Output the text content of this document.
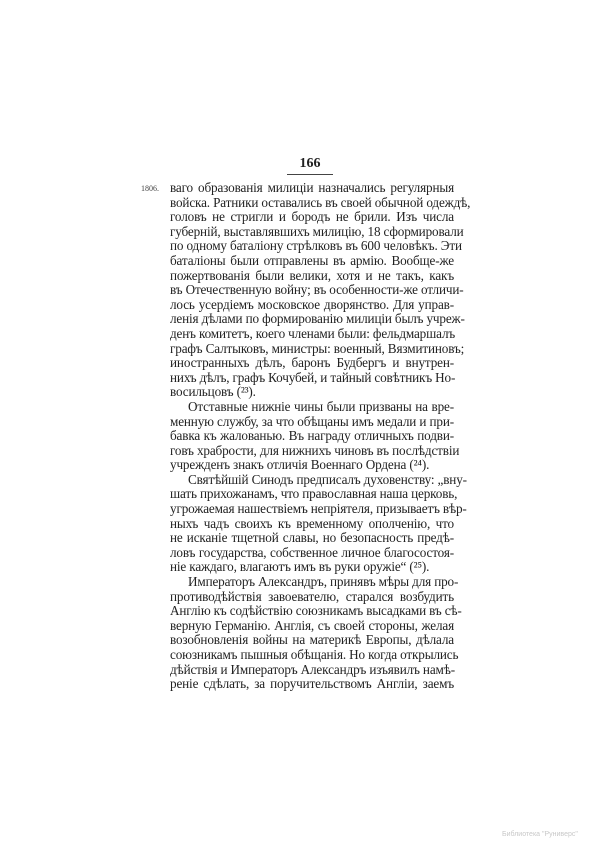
166
1806. ваго образованія милиціи назначались регулярныя
войска. Ратники оставались въ своей обычной одеждѣ,
головъ не стригли и бородъ не брили. Изъ числа
губерній, выставлявшихъ милицію, 18 сформировали
по одному баталіону стрѣлковъ въ 600 человѣкъ. Эти
баталіоны были отправлены въ армію. Вообще-же
пожертвованія были велики, хотя и не такъ, какъ
въ Отечественную войну; въ особенности-же отличи-
лось усердіемъ московское дворянство. Для управ-
ленія дѣлами по формированію милиціи былъ учреж-
денъ комитетъ, коего членами были: фельдмаршалъ
графъ Салтыковъ, министры: военный, Вязмитиновъ;
иностранныхъ дѣлъ, баронъ Будбергъ и внутрен-
нихъ дѣлъ, графъ Кочубей, и тайный совѣтникъ Но-
восильцовъ (²³).
Отставные нижніе чины были призваны на вре-
менную службу, за что обѣщаны имъ медали и при-
бавка къ жалованью. Въ награду отличныхъ подви-
говъ храбрости, для нижнихъ чиновъ въ послѣдствіи
учрежденъ знакъ отличія Военнаго Ордена (²⁴).
Святѣйшій Синодъ предписалъ духовенству: „вну-
шать прихожанамъ, что православная наша церковь,
угрожаемая нашествіемъ непріятеля, призываетъ вѣр-
ныхъ чадъ своихъ къ временному ополченію, что
не исканіе тщетной славы, но безопасность предѣ-
ловъ государства, собственное личное благосостоя-
ніе каждаго, влагаютъ имъ въ руки оружіе“ (²⁵).
Императоръ Александръ, принявъ мѣры для про-
противодѣйствія завоевателю, старался возбудить
Англію къ содѣйствію союзникамъ высадками въ сѣ-
верную Германію. Англія, съ своей стороны, желая
возобновленія войны на материкѣ Европы, дѣлала
союзникамъ пышныя обѣщанія. Но когда открылись
дѣйствія и Императоръ Александръ изъявилъ намѣ-
реніе сдѣлать, за поручительствомъ Англіи, заемъ
Библиотека "Руниверс"
